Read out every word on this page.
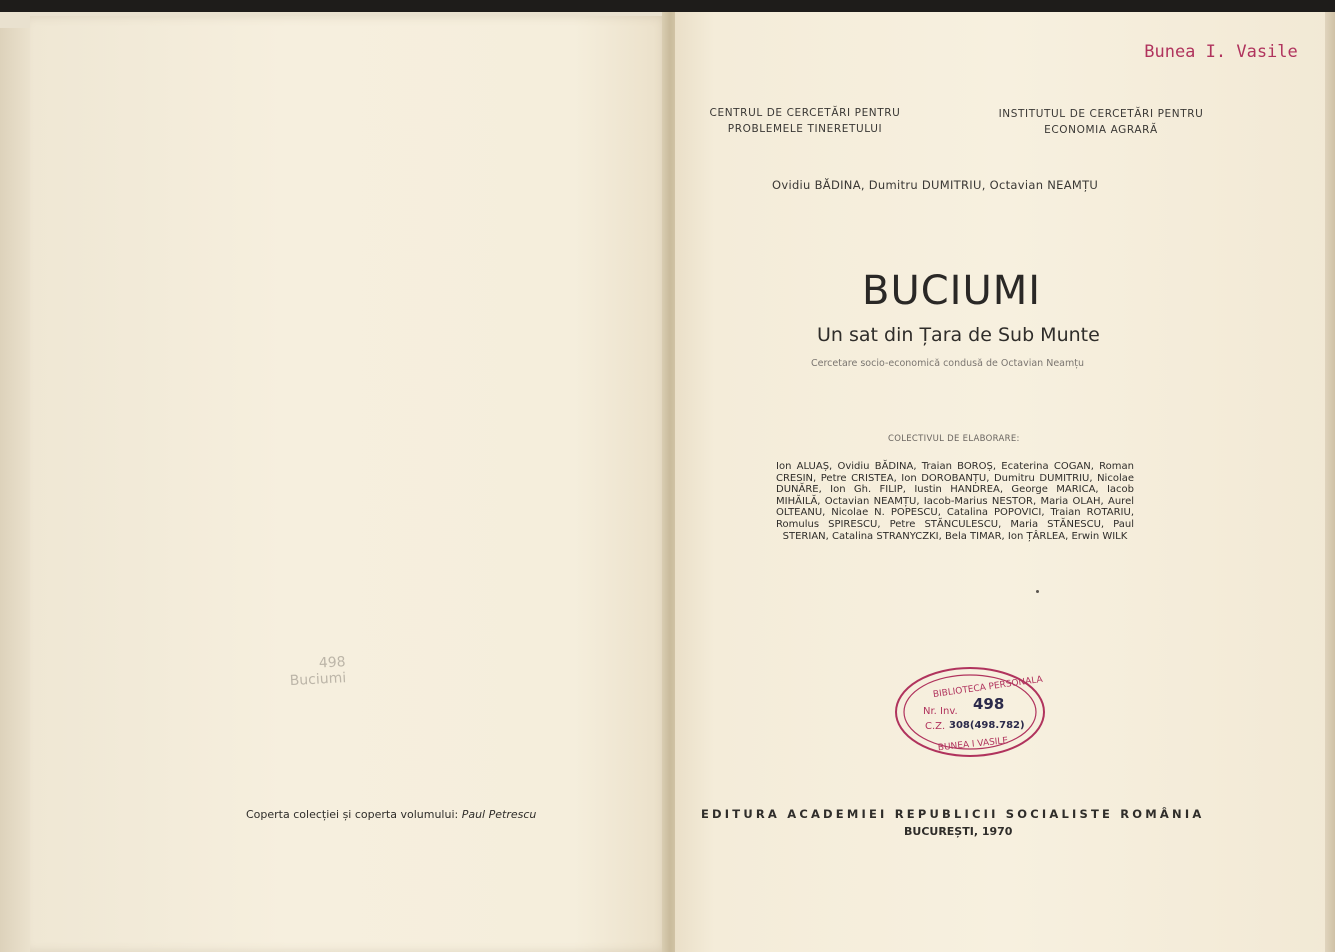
498
Buciumi
Coperta colecției și coperta volumului: Paul Petrescu
Bunea I. Vasile
CENTRUL DE CERCETĂRI PENTRU
PROBLEMELE TINERETULUI
INSTITUTUL DE CERCETĂRI PENTRU
ECONOMIA AGRARĂ
Ovidiu BĂDINA, Dumitru DUMITRIU, Octavian NEAMȚU
BUCIUMI
Un sat din Țara de Sub Munte
Cercetare socio-economică condusă de Octavian Neamțu
COLECTIVUL DE ELABORARE:
Ion ALUAȘ, Ovidiu BĂDINA, Traian BOROȘ, Ecaterina COGAN, Roman CRESIN, Petre CRISTEA, Ion DOROBANȚU, Dumitru DUMITRIU, Nicolae DUNĂRE, Ion Gh. FILIP, Iustin HANDREA, George MARICA, Iacob MIHĂILĂ, Octavian NEAMȚU, Iacob-Marius NESTOR, Maria OLAH, Aurel OLTEANU, Nicolae N. POPESCU, Catalina POPOVICI, Traian ROTARIU, Romulus SPIRESCU, Petre STĂNCULESCU, Maria STĂNESCU, Paul STERIAN, Catalina STRANYCZKI, Bela TIMAR, Ion ȚÂRLEA, Erwin WILK
BIBLIOTECA PERSONALA
Nr. Inv. 498
C.Z. 308(498.782)
BUNEA I VASILE
EDITURA ACADEMIEI REPUBLICII SOCIALISTE ROMÂNIA
BUCUREȘTI, 1970
